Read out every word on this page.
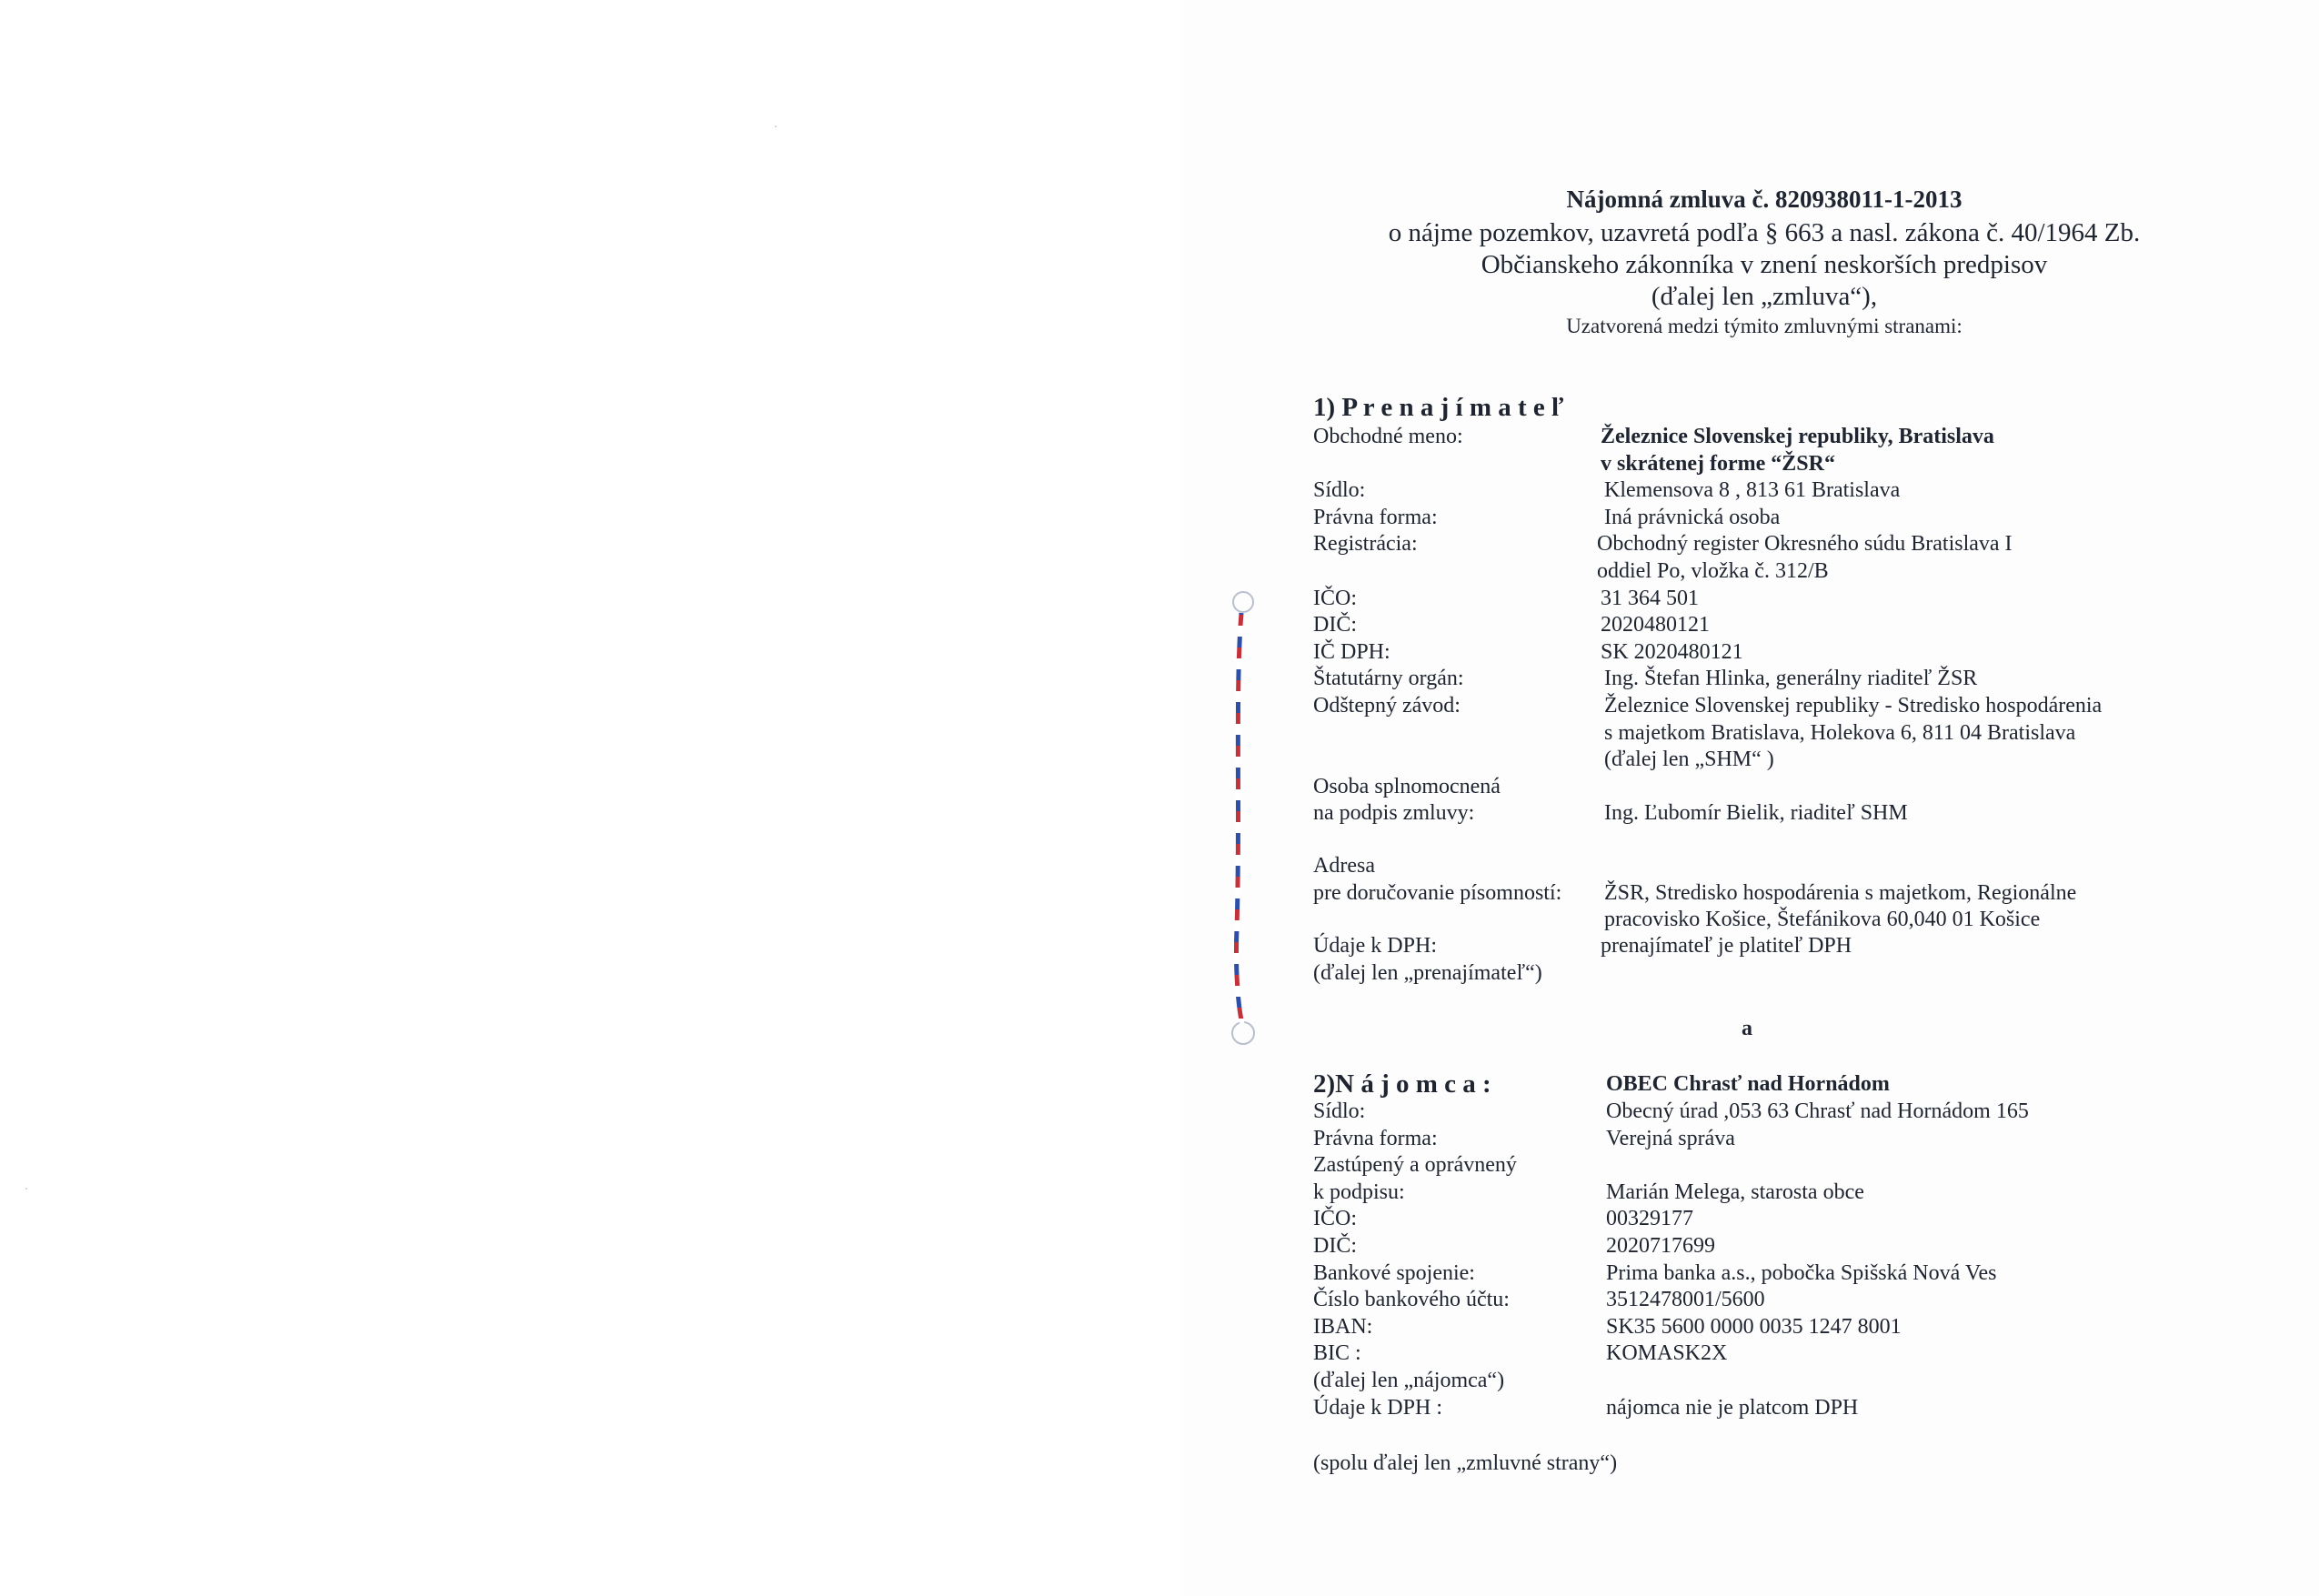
Nájomná zmluva č. 820938011-1-2013
o nájme pozemkov, uzavretá podľa § 663 a nasl. zákona č. 40/1964 Zb.
Občianskeho zákonníka v znení neskorších predpisov
(ďalej len „zmluva“),
Uzatvorená medzi týmito zmluvnými stranami:
1) P r e n a j í m a t e ľ
Obchodné meno:	Železnice Slovenskej republiky, Bratislava
v skrátenej forme “ŽSR“
Sídlo:	Klemensova 8 , 813 61 Bratislava
Právna forma:	Iná právnická osoba
Registrácia:	Obchodný register Okresného súdu Bratislava I
oddiel Po, vložka č. 312/B
IČO:	31 364 501
DIČ:	2020480121
IČ DPH:	SK 2020480121
Štatutárny orgán:	Ing. Štefan Hlinka, generálny riaditeľ ŽSR
Odštepný závod:	Železnice Slovenskej republiky - Stredisko hospodárenia
s majetkom Bratislava, Holekova 6, 811 04 Bratislava
(ďalej len „SHM“ )
Osoba splnomocnená
na podpis zmluvy:	Ing. Ľubomír Bielik, riaditeľ SHM
Adresa
pre doručovanie písomností: ŽSR, Stredisko hospodárenia s majetkom, Regionálne
pracovisko Košice, Štefánikova 60,040 01 Košice
Údaje k DPH:	prenajímateľ je platiteľ DPH
(ďalej len „prenajímateľ“)
a
2)N á j o m c a :	OBEC Chrasť nad Hornádom
Sídlo:	Obecný úrad ,053 63 Chrasť nad Hornádom 165
Právna forma:	Verejná správa
Zastúpený a oprávnený
k podpisu:	Marián Melega, starosta obce
IČO:	00329177
DIČ:	2020717699
Bankové spojenie:	Prima banka a.s., pobočka Spišská Nová Ves
Číslo bankového účtu:	3512478001/5600
IBAN:	SK35 5600 0000 0035 1247 8001
BIC :	KOMASK2X
(ďalej len „nájomca“)
Údaje k DPH :	nájomca nie je platcom DPH
(spolu ďalej len „zmluvné strany“)
